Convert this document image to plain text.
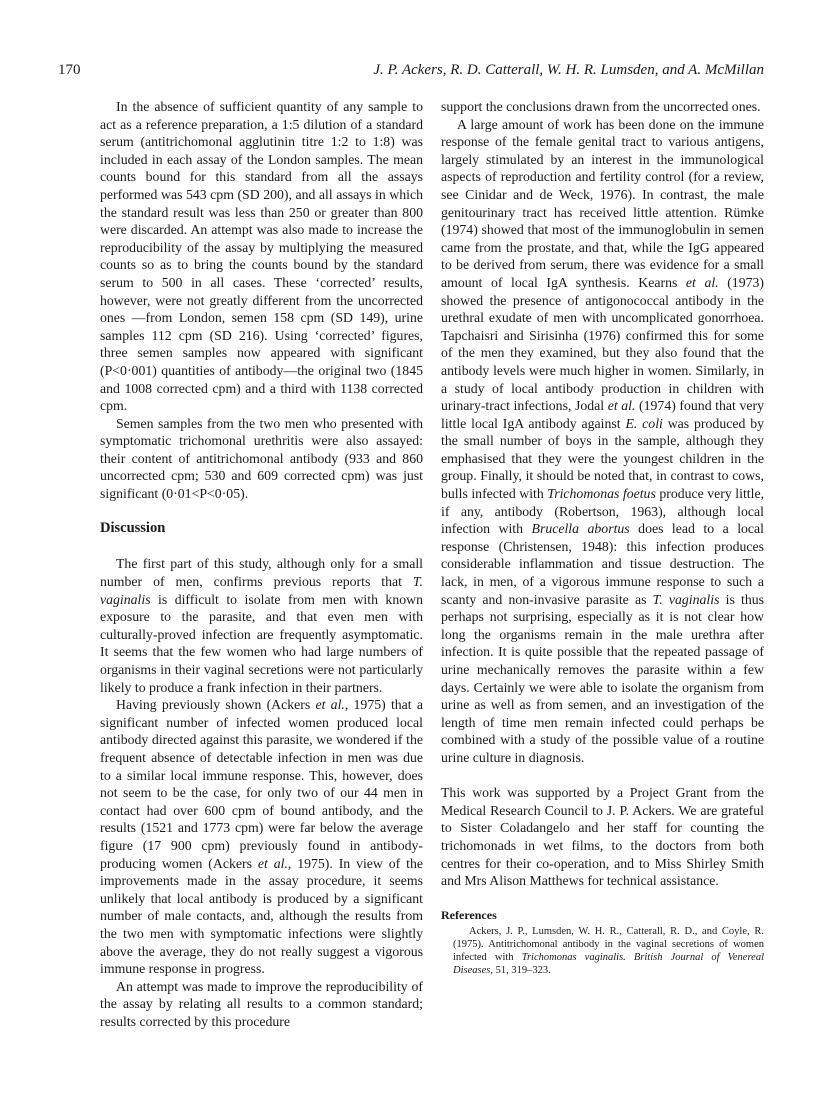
170	J. P. Ackers, R. D. Catterall, W. H. R. Lumsden, and A. McMillan

In the absence of sufficient quantity of any sample to act as a reference preparation, a 1:5 dilution of a standard serum (antitrichomonal agglutinin titre 1:2 to 1:8) was included in each assay of the London samples. The mean counts bound for this standard from all the assays performed was 543 cpm (SD 200), and all assays in which the standard result was less than 250 or greater than 800 were discarded. An attempt was also made to increase the reproducibility of the assay by multiplying the measured counts so as to bring the counts bound by the standard serum to 500 in all cases. These ‘corrected’ results, however, were not greatly different from the uncorrected ones —from London, semen 158 cpm (SD 149), urine samples 112 cpm (SD 216). Using ‘corrected’ figures, three semen samples now appeared with significant (P<0·001) quantities of antibody—the original two (1845 and 1008 corrected cpm) and a third with 1138 corrected cpm.

Semen samples from the two men who presented with symptomatic trichomonal urethritis were also assayed: their content of antitrichomonal antibody (933 and 860 uncorrected cpm; 530 and 609 corrected cpm) was just significant (0·01<P<0·05).

Discussion

The first part of this study, although only for a small number of men, confirms previous reports that T. vaginalis is difficult to isolate from men with known exposure to the parasite, and that even men with culturally-proved infection are frequently asymptomatic. It seems that the few women who had large numbers of organisms in their vaginal secretions were not particularly likely to produce a frank infection in their partners.

Having previously shown (Ackers et al., 1975) that a significant number of infected women produced local antibody directed against this parasite, we wondered if the frequent absence of detectable infection in men was due to a similar local immune response. This, however, does not seem to be the case, for only two of our 44 men in contact had over 600 cpm of bound antibody, and the results (1521 and 1773 cpm) were far below the average figure (17 900 cpm) previously found in antibody-producing women (Ackers et al., 1975). In view of the improvements made in the assay procedure, it seems unlikely that local antibody is produced by a significant number of male contacts, and, although the results from the two men with symptomatic infections were slightly above the average, they do not really suggest a vigorous immune response in progress.

An attempt was made to improve the reproducibility of the assay by relating all results to a common standard; results corrected by this procedure

support the conclusions drawn from the uncorrected ones.

A large amount of work has been done on the immune response of the female genital tract to various antigens, largely stimulated by an interest in the immunological aspects of reproduction and fertility control (for a review, see Cinidar and de Weck, 1976). In contrast, the male genitourinary tract has received little attention. Rümke (1974) showed that most of the immunoglobulin in semen came from the prostate, and that, while the IgG appeared to be derived from serum, there was evidence for a small amount of local IgA synthesis. Kearns et al. (1973) showed the presence of antigonococcal antibody in the urethral exudate of men with uncomplicated gonorrhoea. Tapchaisri and Sirisinha (1976) confirmed this for some of the men they examined, but they also found that the antibody levels were much higher in women. Similarly, in a study of local antibody production in children with urinary-tract infections, Jodal et al. (1974) found that very little local IgA antibody against E. coli was produced by the small number of boys in the sample, although they emphasised that they were the youngest children in the group. Finally, it should be noted that, in contrast to cows, bulls infected with Trichomonas foetus produce very little, if any, antibody (Robertson, 1963), although local infection with Brucella abortus does lead to a local response (Christensen, 1948): this infection produces considerable inflammation and tissue destruction. The lack, in men, of a vigorous immune response to such a scanty and non-invasive parasite as T. vaginalis is thus perhaps not surprising, especially as it is not clear how long the organisms remain in the male urethra after infection. It is quite possible that the repeated passage of urine mechanically removes the parasite within a few days. Certainly we were able to isolate the organism from urine as well as from semen, and an investigation of the length of time men remain infected could perhaps be combined with a study of the possible value of a routine urine culture in diagnosis.

This work was supported by a Project Grant from the Medical Research Council to J. P. Ackers. We are grateful to Sister Coladangelo and her staff for counting the trichomonads in wet films, to the doctors from both centres for their co-operation, and to Miss Shirley Smith and Mrs Alison Matthews for technical assistance.

References

Ackers, J. P., Lumsden, W. H. R., Catterall, R. D., and Coyle, R. (1975). Antitrichomonal antibody in the vaginal secretions of women infected with Trichomonas vaginalis. British Journal of Venereal Diseases, 51, 319–323.
